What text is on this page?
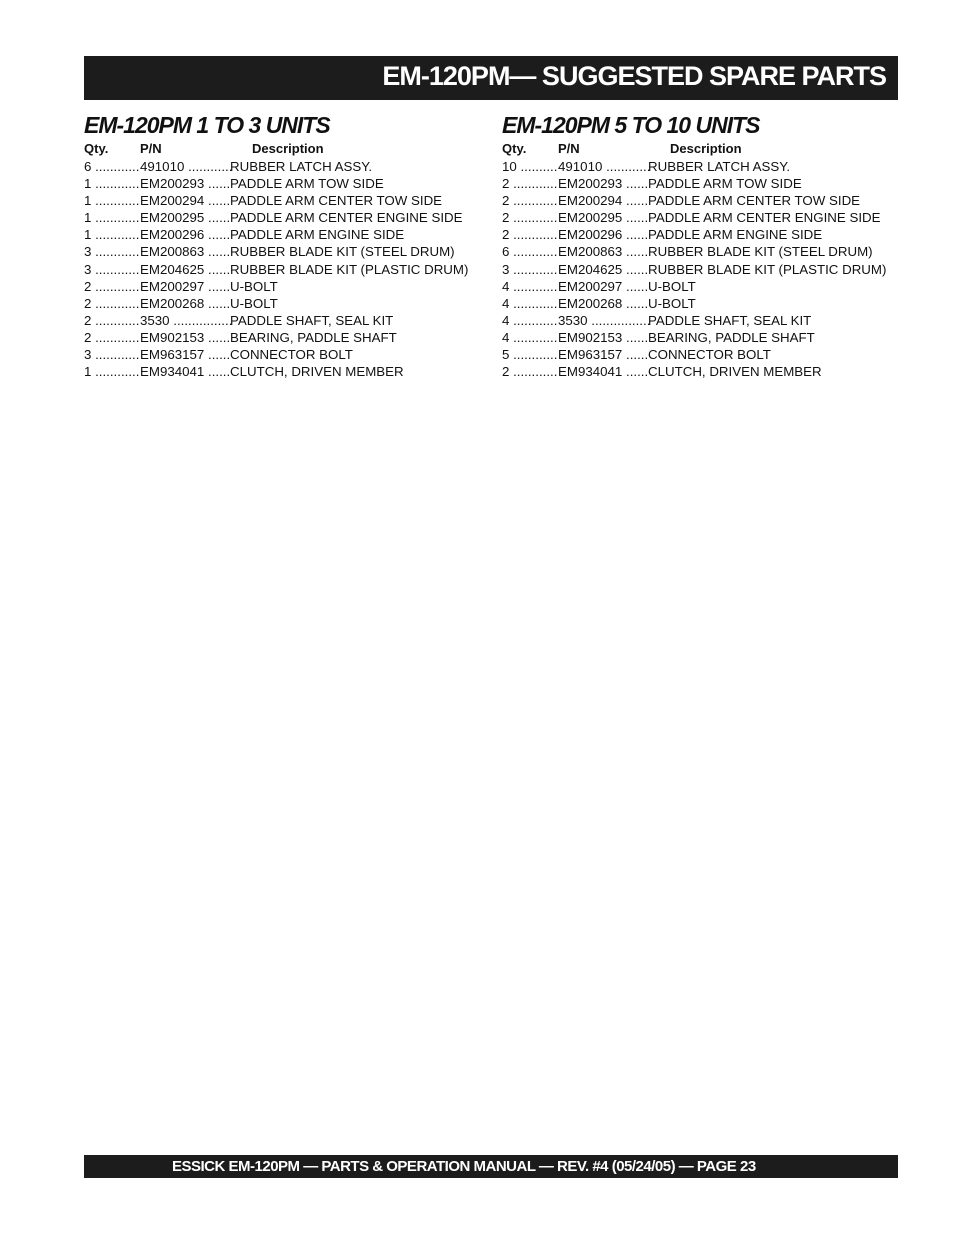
EM-120PM— SUGGESTED SPARE PARTS
EM-120PM 1 TO 3 UNITS
Qty. P/N	Description
6 ............ 491010 ............
RUBBER LATCH ASSY.
1 ............ EM200293 ...... PADDLE ARM TOW SIDE
1 ............ EM200294 ...... PADDLE ARM CENTER TOW SIDE
1 ............ EM200295 ...... PADDLE ARM CENTER ENGINE SIDE
1 ............ EM200296 ...... PADDLE ARM ENGINE SIDE
3 ............ EM200863 ...... RUBBER BLADE KIT (STEEL DRUM)
3 ............ EM204625 ...... RUBBER BLADE KIT (PLASTIC DRUM)
2 ............ EM200297 ...... U-BOLT
2 ............ EM200268 ...... U-BOLT
2 ............ 3530 ................
PADDLE SHAFT, SEAL KIT
2 ............ EM902153 ...... BEARING, PADDLE SHAFT
3 ............ EM963157 ...... CONNECTOR BOLT
1 ............ EM934041 ...... CLUTCH, DRIVEN MEMBER
EM-120PM 5 TO 10 UNITS
Qty. P/N	Description
10 .......... 491010 ............
RUBBER LATCH ASSY.
2 ............ EM200293 ...... PADDLE ARM TOW SIDE
2 ............ EM200294 ...... PADDLE ARM CENTER TOW SIDE
2 ............ EM200295 ...... PADDLE ARM CENTER ENGINE SIDE
2 ............ EM200296 ...... PADDLE ARM ENGINE SIDE
6 ............ EM200863 ...... RUBBER BLADE KIT (STEEL DRUM)
3 ............ EM204625 ...... RUBBER BLADE KIT (PLASTIC DRUM)
4 ............ EM200297 ...... U-BOLT
4 ............ EM200268 ...... U-BOLT
4 ............ 3530 ................
PADDLE SHAFT, SEAL KIT
4 ............ EM902153 ...... BEARING, PADDLE SHAFT
5 ............ EM963157 ...... CONNECTOR BOLT
2 ............ EM934041 ...... CLUTCH, DRIVEN MEMBER
ESSICK EM-120PM — PARTS & OPERATION MANUAL — REV. #4 (05/24/05) — PAGE 23
